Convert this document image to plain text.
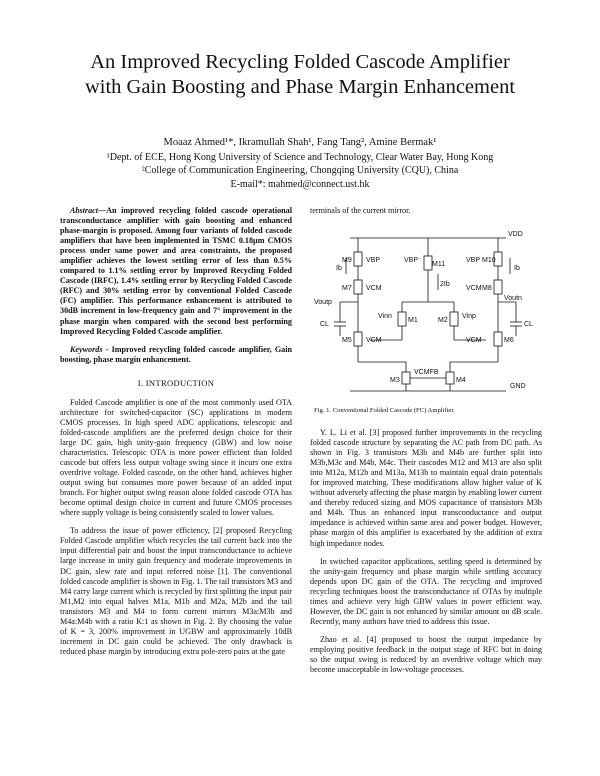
An Improved Recycling Folded Cascode Amplifier
with Gain Boosting and Phase Margin Enhancement
Moaaz Ahmed¹*, Ikramullah Shah¹, Fang Tang², Amine Bermak¹
¹Dept. of ECE, Hong Kong University of Science and Technology, Clear Water Bay, Hong Kong
²College of Communication Engineering, Chongqing University (CQU), China
E-mail*: mahmed@connect.ust.hk

Abstract—An improved recycling folded cascode operational transconductance amplifier with gain boosting and enhanced phase-margin is proposed. Among four variants of folded cascode amplifiers that have been implemented in TSMC 0.18µm CMOS process under same power and area constraints, the proposed amplifier achieves the lowest settling error of less than 0.5% compared to 1.1% settling error by Improved Recycling Folded Cascode (IRFC), 1.4% settling error by Recycling Folded Cascode (RFC) and 30% settling error by conventional Folded Cascode (FC) amplifier. This performance enhancement is attributed to 30dB increment in low-frequency gain and 7° improvement in the phase margin when compared with the second best performing Improved Recycling Folded Cascode amplifier.

Keywords - Improved recycling folded cascode amplifier, Gain boosting, phase margin enhancement.

I. INTRODUCTION

Folded Cascode amplifier is one of the most commonly used OTA architecture for switched-capacitor (SC) applications in modern CMOS processes. In high speed ADC applications, telescopic and folded-cascode amplifiers are the preferred design choice for their large DC gain, high unity-gain frequency (GBW) and low noise characteristics. Telescopic OTA is more power efficient than folded cascode but offers less output voltage swing since it incurs one extra overdrive voltage. Folded cascode, on the other hand, achieves higher output swing but consumes more power because of an added input branch. For higher output swing reason alone folded cascode OTA has become optimal design choice in current and future CMOS processes where supply voltage is being consistently scaled to lower values.

To address the issue of power efficiency, [2] proposed Recycling Folded Cascode amplifier which recycles the tail current back into the input differential pair and boost the input transconductance to achieve large increase in unity gain frequency and moderate improvements in DC gain, slew rate and input referred noise [1]. The conventional folded cascode amplifier is shown in Fig. 1. The tail transistors M3 and M4 carry large current which is recycled by first splitting the input pair M1,M2 into equal halves M1a, M1b and M2a, M2b and the tail transistors M3 and M4 to form current mirrors M3a:M3b and M4a:M4b with a ratio K:1 as shown in Fig. 2. By choosing the value of K = 3, 200% improvement in UGBW and approximately 10dB increment in DC gain could be achieved. The only drawback is reduced phase margin by introducing extra pole-zero pairs at the gate

terminals of the current mirror.
VDD
GND
M9
M11
M10
M7	M8
M1	M2
M5	M6
M3	M4
VBP	VBP	VBP
VCM	VCM
VCM	VCM
Vinn	Vinp
Voutp
Voutn
CL	CL
Ib	Ib
2Ib
VCMFB
Fig. 1. Conventional Folded Cascode (FC) Amplifier.

Y. L. Li et al. [3] proposed further improvements in the recycling folded cascode structure by separating the AC path from DC path. As shown in Fig. 3 transistors M3b and M4b are further split into M3b,M3c and M4b, M4c. Their cascodes M12 and M13 are also split into M12a, M12b and M13a, M13b to maintain equal drain potentials for improved matching. These modifications allow higher value of K without adversely affecting the phase margin by enabling lower current and thereby reduced sizing and MOS capacitance of transistors M3b and M4b. Thus an enhanced input transconductance and output impedance is achieved within same area and power budget. However, phase margin of this amplifier is exacerbated by the addition of extra high impedance nodes.

In switched capacitor applications, settling speed is determined by the unity-gain frequency and phase margin while settling accuracy depends upon DC gain of the OTA. The recycling and improved recycling techniques boost the transconductance of OTAs by multiple times and achieve very high GBW values in power efficient way. However, the DC gain is not enhanced by similar amount on dB scale. Recently, many authors have tried to address this issue.

Zhao et al. [4] proposed to boost the output impedance by employing positive feedback in the output stage of RFC but in doing so the output swing is reduced by an overdrive voltage which may become unacceptable in low-voltage processes.
